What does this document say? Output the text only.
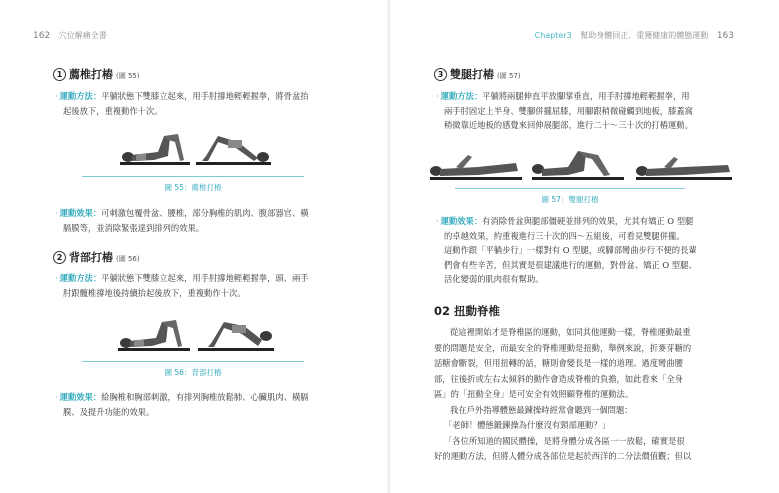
162 穴位解痛全書
1 薦椎打樁 (圖 55)
· 運動方法：平躺狀態下雙膝立起來，用手肘撐地輕輕握拳，將骨盆抬
起後放下，重複動作十次。
圖 55：薦椎打樁
· 運動效果：可刺激包覆骨盆、腰椎，部分胸椎的肌肉、腹部器官、橫
膈膜等，並消除緊張達到排列的效果。
2 背部打樁 (圖 56)
· 運動方法：平躺狀態下雙膝立起來，用手肘撐地輕輕握拳，頭、兩手
肘跟髖椎撐地後持續抬起後放下，重複動作十次。
圖 56：背部打樁
· 運動效果：給胸椎和胸部刺激，有排列胸椎放鬆肺、心臟肌肉、橫膈
膜、及提升功能的效果。
Chapter3 幫助身體回正．重獲健康的體態運動 163
3 雙腿打樁 (圖 57)
· 運動方法：平躺將兩腿伸直平放腳掌垂直，用手肘撐地輕輕握拳，用
兩手肘固定上半身、雙腳併攏屈膝，用腳跟稍微碰觸到地板，膝蓋窩
稍微靠近地板的感覺來回伸展腿部，進行二十～三十次的打樁運動。
圖 57：雙腿打樁
· 運動效果：有消除骨盆與腿部僵硬並排列的效果，尤其有矯正 O 型腿
的卓越效果，約重複進行三十次的四～五組後，可看見雙腿併攏。
這動作跟「平躺步行」一樣對有 O 型腿，或腳部彎曲步行不便的長輩
們會有些辛苦，但其實是很建議進行的運動，對骨盆、矯正 O 型腿、
活化變弱的肌肉很有幫助。
02 扭動脊椎
從這裡開始才是脊椎區的運動，如同其他運動一樣，脊椎運動最重
要的問題是安全，而最安全的脊椎運動是扭動，舉例來說，折麥芽糖的
話糖會斷裂，但用扭轉的話，糖則會變長是一樣的道理。過度彎曲腰
部，往後折或左右太傾斜的動作會造成脊椎的負擔，如此看來「全身
區」的「扭動全身」是可安全有效照顧脊椎的運動法。
我在戶外指導體態最鍊操時經常會聽到一個問題：
「老師！體態鍛鍊操為什麼沒有頸部運動？」
「各位所知道的國民體操，是將身體分成各區一一放鬆，確實是很
好的運動方法，但將人體分成各部位是起於西洋的二分法價值觀；但以
